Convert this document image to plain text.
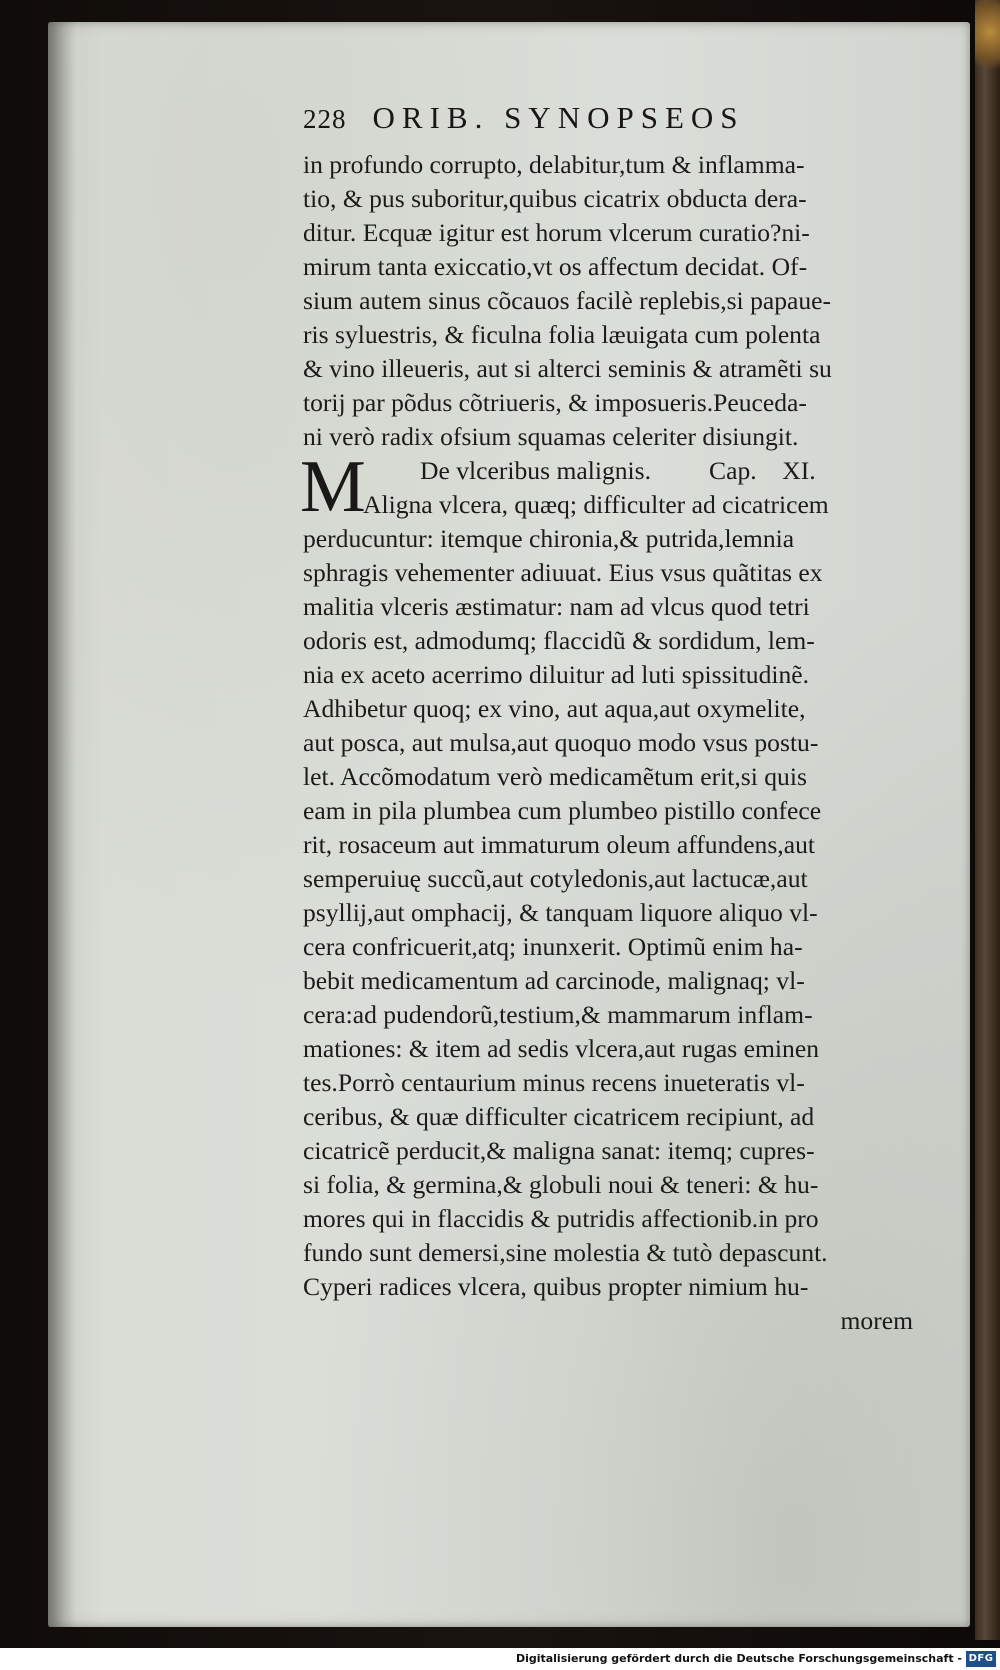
228 ORIB. SYNOPSEOS
in profundo corrupto, delabitur,tum & inflamma-
tio, & pus suboritur,quibus cicatrix obducta dera-
ditur. Ecquæ igitur est horum vlcerum curatio?ni-
mirum tanta exiccatio,vt os affectum decidat. Of-
sium autem sinus cõcauos facilè replebis,si papaue-
ris syluestris, & ficulna folia læuigata cum polenta
& vino illeueris, aut si alterci seminis & atramẽti su
torij par põdus cõtriueris, & imposueris.Peuceda-
ni verò radix ofsium squamas celeriter disiungit.
De vlceribus malignis. Cap.    XI.
Aligna vlcera, quæq; difficulter ad cicatricem
perducuntur: itemque chironia,& putrida,lemnia
sphragis vehementer adiuuat. Eius vsus quãtitas ex
malitia vlceris æstimatur: nam ad vlcus quod tetri
odoris est, admodumq; flaccidũ & sordidum, lem-
nia ex aceto acerrimo diluitur ad luti spissitudinẽ.
Adhibetur quoq; ex vino, aut aqua,aut oxymelite,
aut posca, aut mulsa,aut quoquo modo vsus postu-
let. Accõmodatum verò medicamẽtum erit,si quis
eam in pila plumbea cum plumbeo pistillo confece
rit, rosaceum aut immaturum oleum affundens,aut
semperuiuę succũ,aut cotyledonis,aut lactucæ,aut
psyllij,aut omphacij, & tanquam liquore aliquo vl-
cera confricuerit,atq; inunxerit. Optimũ enim ha-
bebit medicamentum ad carcinode, malignaq; vl-
cera:ad pudendorũ,testium,& mammarum inflam-
mationes: & item ad sedis vlcera,aut rugas eminen
tes.Porrò centaurium minus recens inueteratis vl-
ceribus, & quæ difficulter cicatricem recipiunt, ad
cicatricẽ perducit,& maligna sanat: itemq; cupres-
si folia, & germina,& globuli noui & teneri: & hu-
mores qui in flaccidis & putridis affectionib.in pro
fundo sunt demersi,sine molestia & tutò depascunt.
Cyperi radices vlcera, quibus propter nimium hu-
morem
M
Digitalisierung gefördert durch die Deutsche Forschungsgemeinschaft - DFG
